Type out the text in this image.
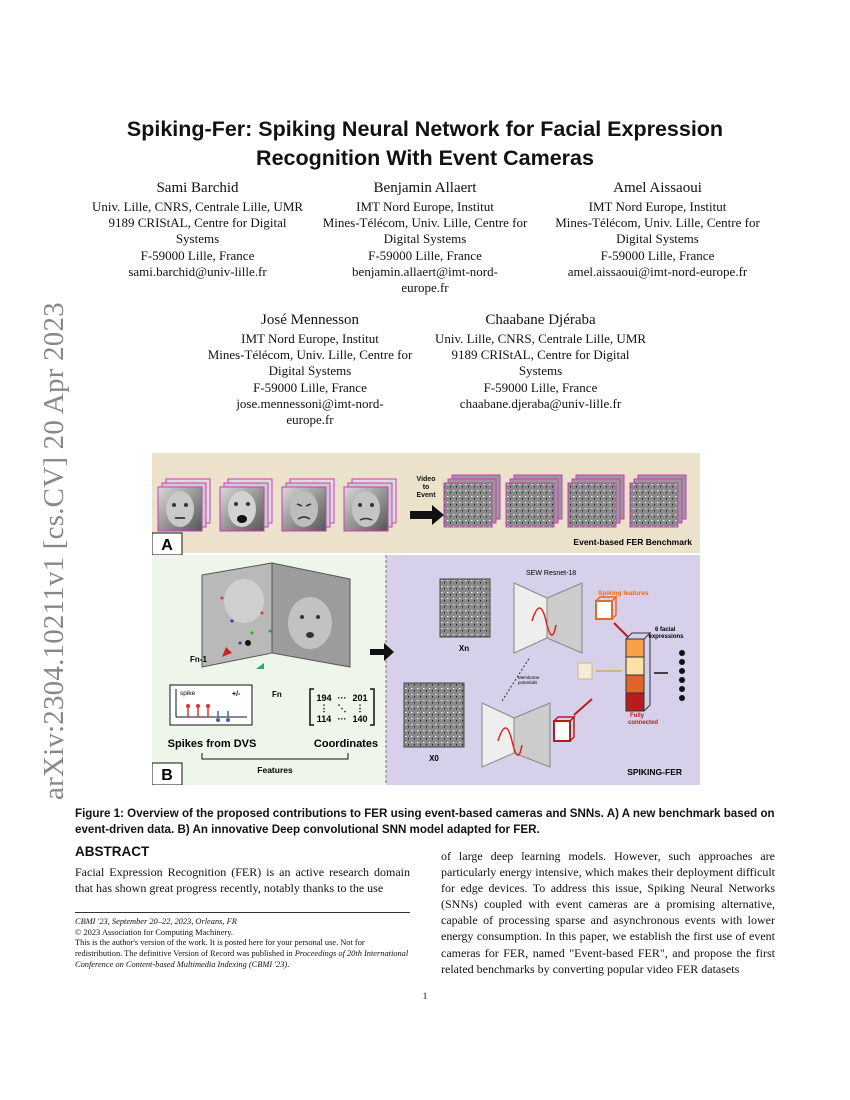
arXiv:2304.10211v1 [cs.CV] 20 Apr 2023
Spiking-Fer: Spiking Neural Network for Facial Expression
Recognition With Event Cameras
Sami Barchid
Univ. Lille, CNRS, Centrale Lille, UMR
9189 CRIStAL, Centre for Digital
Systems
F-59000 Lille, France
sami.barchid@univ-lille.fr
Benjamin Allaert
IMT Nord Europe, Institut
Mines-Télécom, Univ. Lille, Centre for
Digital Systems
F-59000 Lille, France
benjamin.allaert@imt-nord-
europe.fr
Amel Aissaoui
IMT Nord Europe, Institut
Mines-Télécom, Univ. Lille, Centre for
Digital Systems
F-59000 Lille, France
amel.aissaoui@imt-nord-europe.fr
José Mennesson
IMT Nord Europe, Institut
Mines-Télécom, Univ. Lille, Centre for
Digital Systems
F-59000 Lille, France
jose.mennessoni@imt-nord-
europe.fr
Chaabane Djéraba
Univ. Lille, CNRS, Centrale Lille, UMR
9189 CRIStAL, Centre for Digital
Systems
F-59000 Lille, France
chaabane.djeraba@univ-lille.fr
Video
to
Event
A	Event-based FER Benchmark
Fn-1
Fn
spike	+/-	194 ··· 201
⋮ ⋱ ⋮
114 ··· 140
Spikes from DVS	Coordinates
Features
B
Xn
X0
SEW Resnet-18
Membrane potentials
Spiking features
Fully connected
6 facial expressions
SPIKING-FER
Figure 1: Overview of the proposed contributions to FER using event-based cameras and SNNs. A) A new benchmark based on event-driven data. B) An innovative Deep convolutional SNN model adapted for FER.
ABSTRACT
Facial Expression Recognition (FER) is an active research domain that has shown great progress recently, notably thanks to the use
of large deep learning models. However, such approaches are particularly energy intensive, which makes their deployment difficult for edge devices. To address this issue, Spiking Neural Networks (SNNs) coupled with event cameras are a promising alternative, capable of processing sparse and asynchronous events with lower energy consumption. In this paper, we establish the first use of event cameras for FER, named "Event-based FER", and propose the first related benchmarks by converting popular video FER datasets
CBMI '23, September 20–22, 2023, Orleans, FR
© 2023 Association for Computing Machinery.
This is the author's version of the work. It is posted here for your personal use. Not for redistribution. The definitive Version of Record was published in Proceedings of 20th International Conference on Content-based Multimedia Indexing (CBMI '23).
1
